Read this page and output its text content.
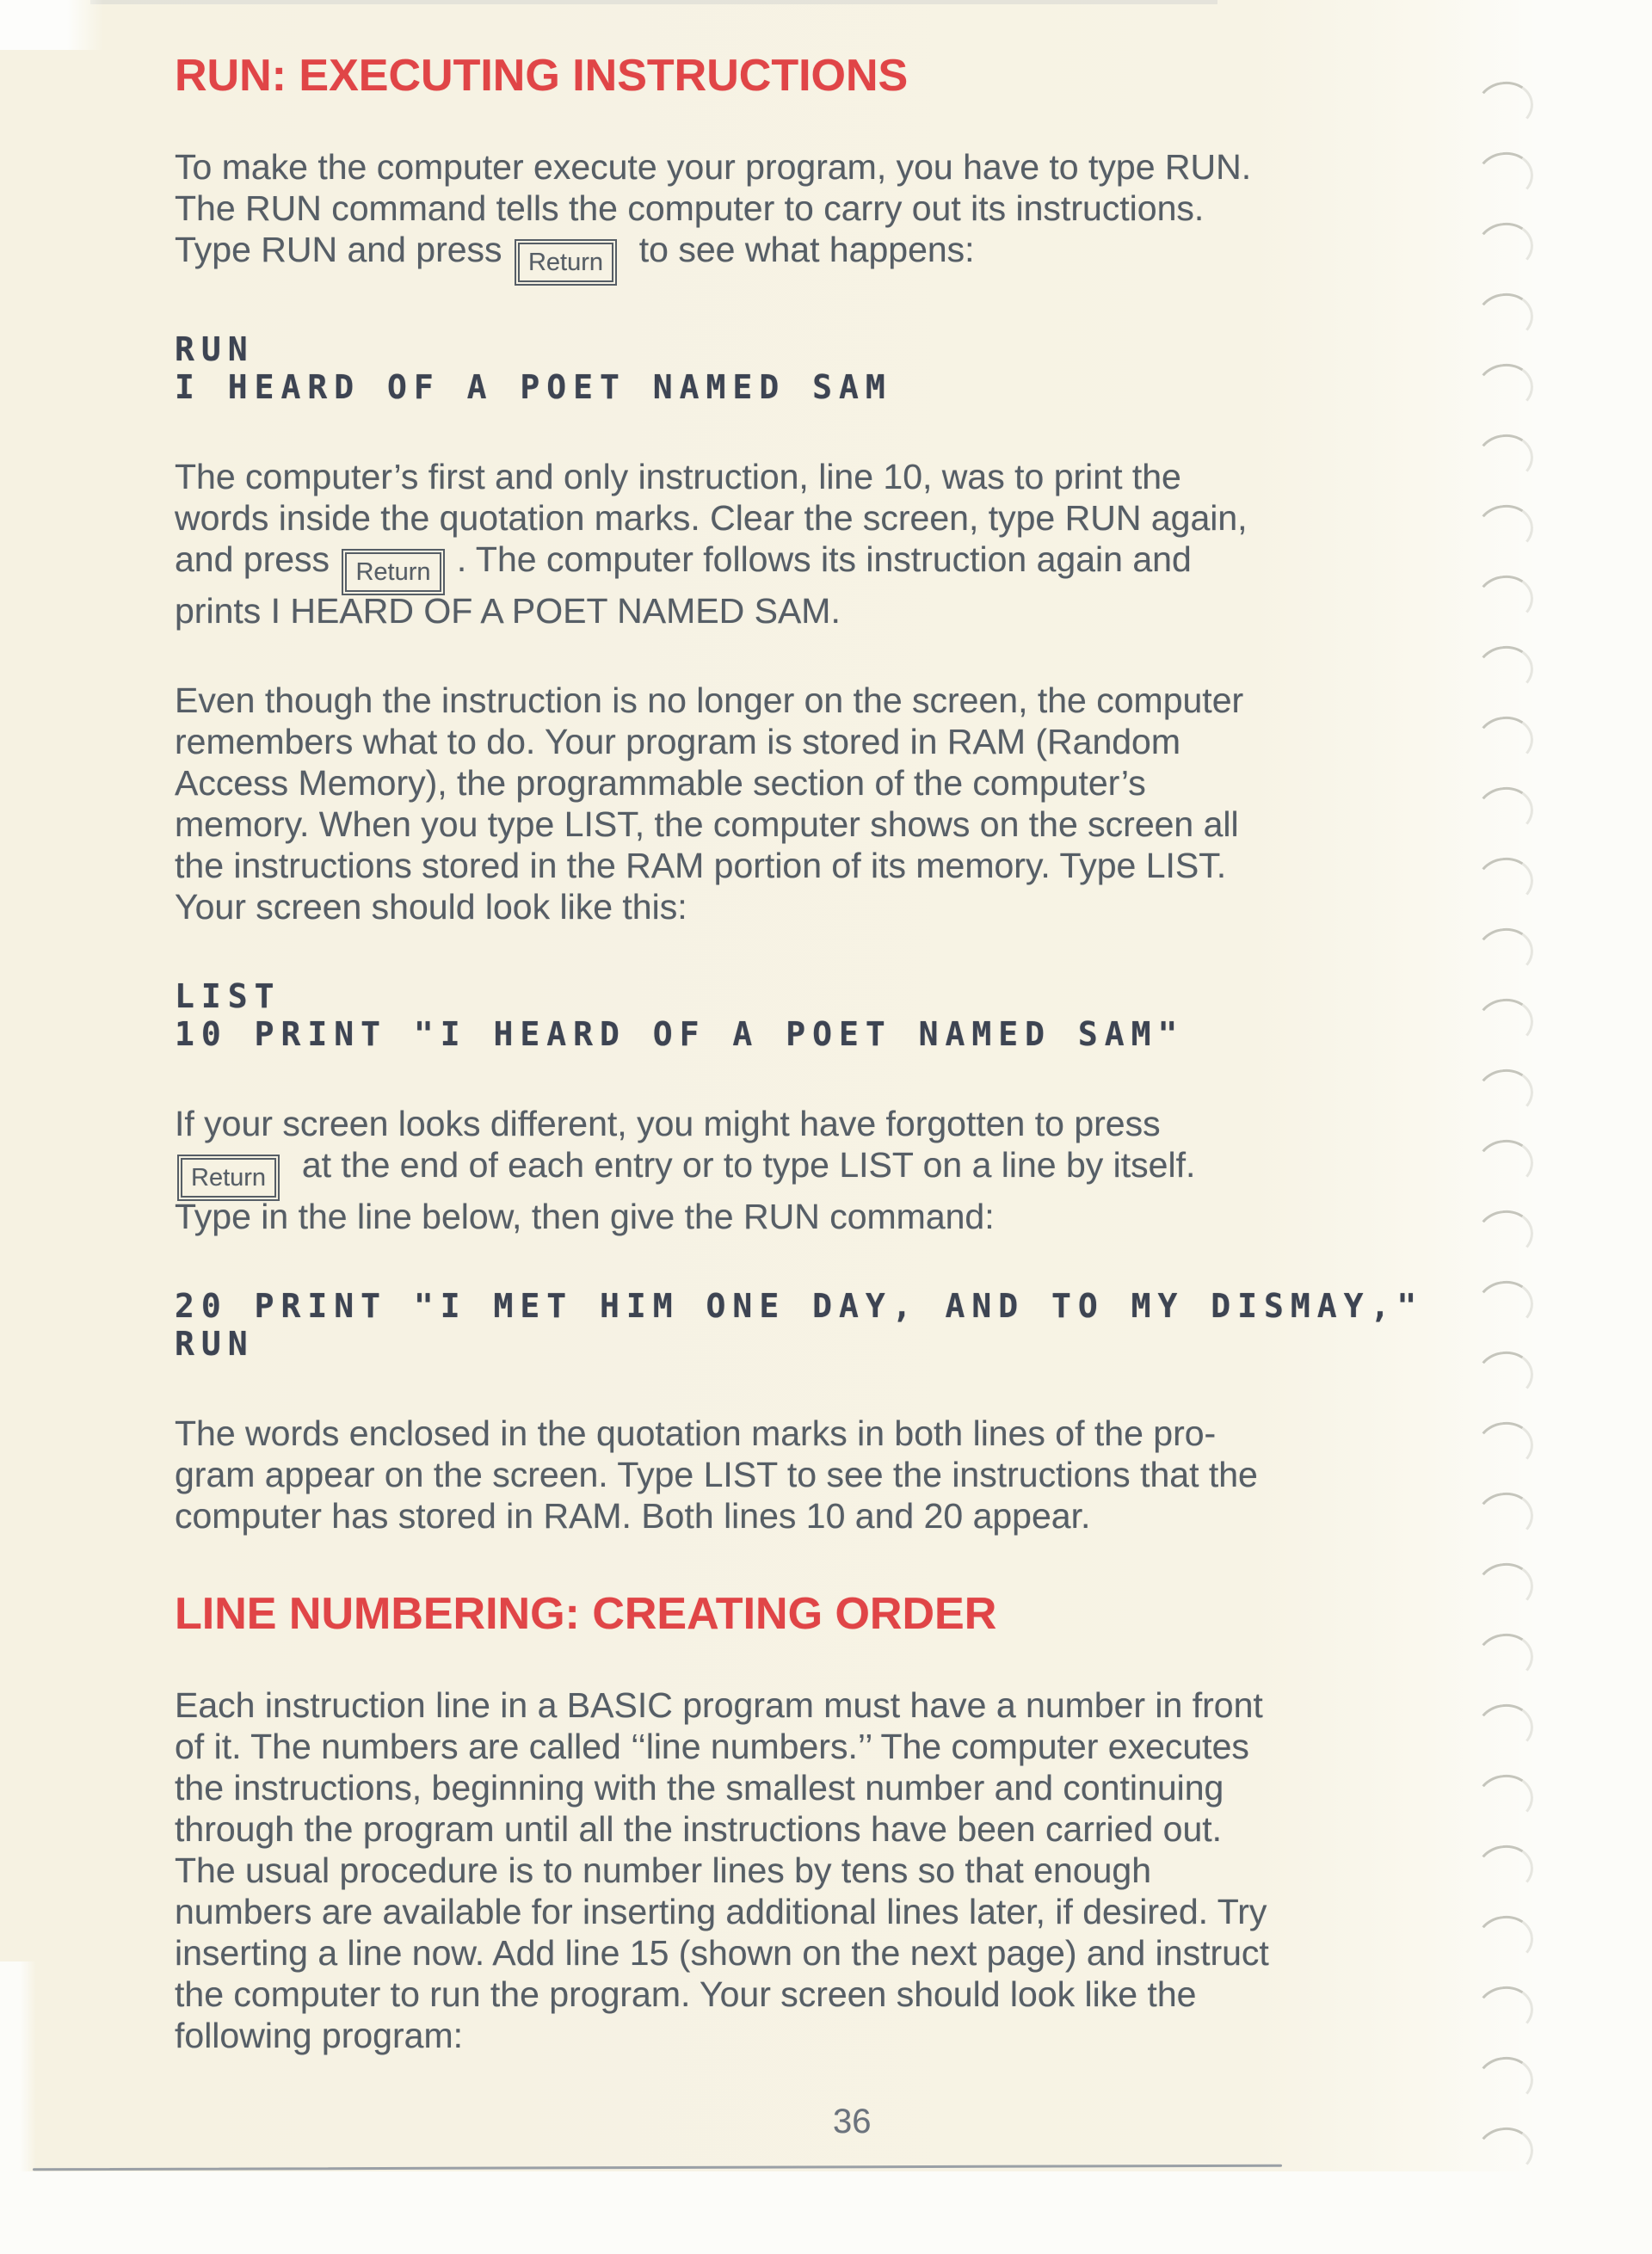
RUN: EXECUTING INSTRUCTIONS

To make the computer execute your program, you have to type RUN.
The RUN command tells the computer to carry out its instructions.
Type RUN and press Return  to see what happens:

RUN
I HEARD OF A POET NAMED SAM

The computer’s first and only instruction, line 10, was to print the
words inside the quotation marks. Clear the screen, type RUN again,
and press Return . The computer follows its instruction again and
prints I HEARD OF A POET NAMED SAM.

Even though the instruction is no longer on the screen, the computer
remembers what to do. Your program is stored in RAM (Random
Access Memory), the programmable section of the computer’s
memory. When you type LIST, the computer shows on the screen all
the instructions stored in the RAM portion of its memory. Type LIST.
Your screen should look like this:

LIST
10 PRINT "I HEARD OF A POET NAMED SAM"

If your screen looks different, you might have forgotten to press
Return  at the end of each entry or to type LIST on a line by itself.
Type in the line below, then give the RUN command:

20 PRINT "I MET HIM ONE DAY, AND TO MY DISMAY,"
RUN

The words enclosed in the quotation marks in both lines of the pro-
gram appear on the screen. Type LIST to see the instructions that the
computer has stored in RAM. Both lines 10 and 20 appear.

LINE NUMBERING: CREATING ORDER

Each instruction line in a BASIC program must have a number in front
of it. The numbers are called ‘‘line numbers.’’ The computer executes
the instructions, beginning with the smallest number and continuing
through the program until all the instructions have been carried out.
The usual procedure is to number lines by tens so that enough
numbers are available for inserting additional lines later, if desired. Try
inserting a line now. Add line 15 (shown on the next page) and instruct
the computer to run the program. Your screen should look like the
following program:

36
